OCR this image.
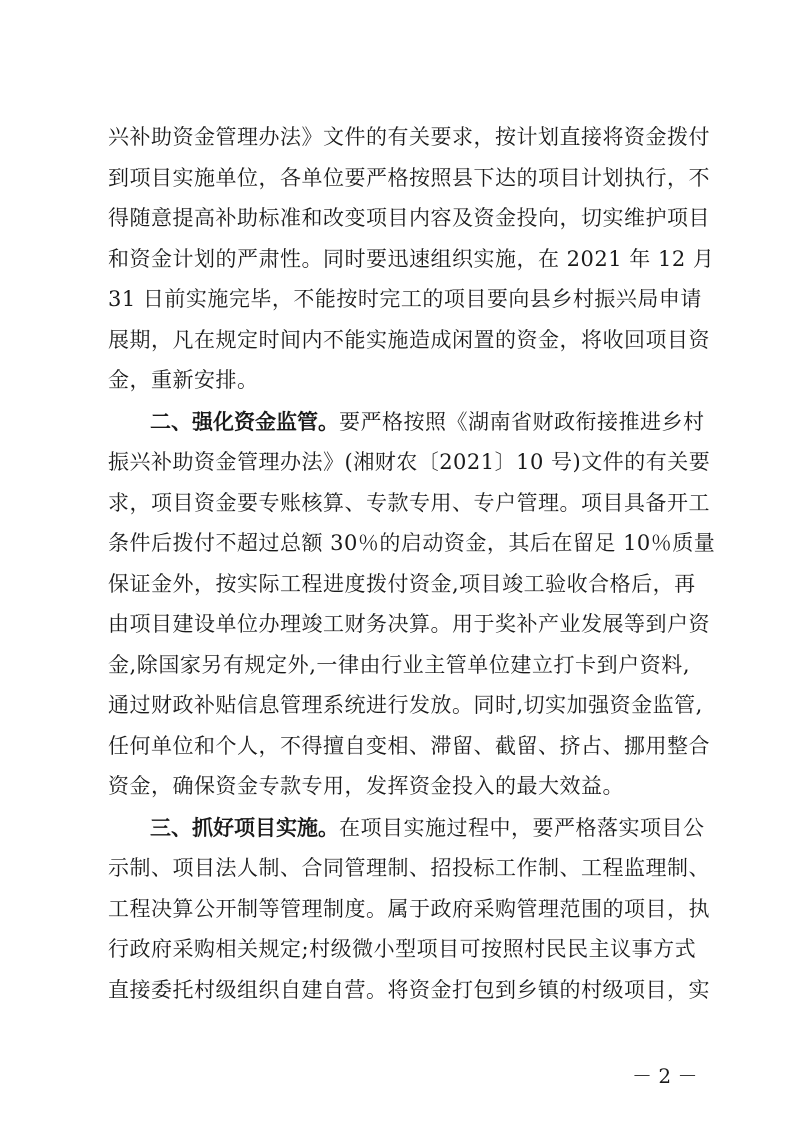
兴补助资金管理办法》文件的有关要求，按计划直接将资金拨付
到项目实施单位，各单位要严格按照县下达的项目计划执行，不
得随意提高补助标准和改变项目内容及资金投向，切实维护项目
和资金计划的严肃性。同时要迅速组织实施，在 2021 年 12 月
31 日前实施完毕，不能按时完工的项目要向县乡村振兴局申请
展期，凡在规定时间内不能实施造成闲置的资金，将收回项目资
金，重新安排。
二、强化资金监管。要严格按照《湖南省财政衔接推进乡村
振兴补助资金管理办法》(湘财农〔2021〕10 号)文件的有关要
求，项目资金要专账核算、专款专用、专户管理。项目具备开工
条件后拨付不超过总额 30％的启动资金，其后在留足 10％质量
保证金外，按实际工程进度拨付资金,项目竣工验收合格后，再
由项目建设单位办理竣工财务决算。用于奖补产业发展等到户资
金,除国家另有规定外,一律由行业主管单位建立打卡到户资料,
通过财政补贴信息管理系统进行发放。同时,切实加强资金监管,
任何单位和个人，不得擅自变相、滞留、截留、挤占、挪用整合
资金，确保资金专款专用，发挥资金投入的最大效益。
三、抓好项目实施。在项目实施过程中，要严格落实项目公
示制、项目法人制、合同管理制、招投标工作制、工程监理制、
工程决算公开制等管理制度。属于政府采购管理范围的项目，执
行政府采购相关规定;村级微小型项目可按照村民民主议事方式
直接委托村级组织自建自营。将资金打包到乡镇的村级项目，实
－ 2 －
